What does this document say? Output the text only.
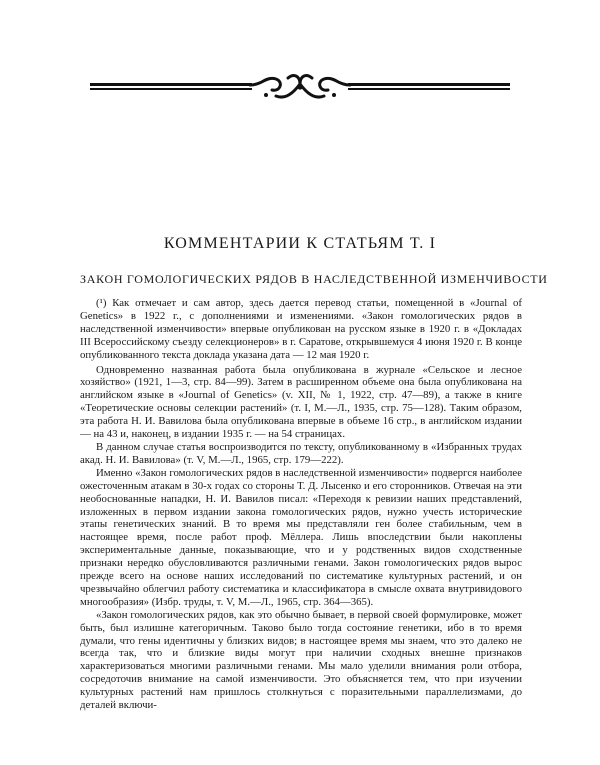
КОММЕНТАРИИ К СТАТЬЯМ Т. I
ЗАКОН ГОМОЛОГИЧЕСКИХ РЯДОВ В НАСЛЕДСТВЕННОЙ ИЗМЕНЧИВОСТИ

(¹) Как отмечает и сам автор, здесь дается перевод статьи, помещенной в «Journal of Genetics» в 1922 г., с дополнениями и изменениями. «Закон гомологических рядов в наследственной изменчивости» впервые опубликован на русском языке в 1920 г. в «Докладах III Всероссийскому съезду селекционеров» в г. Саратове, открывшемуся 4 июня 1920 г. В конце опубликованного текста доклада указана дата — 12 мая 1920 г.

Одновременно названная работа была опубликована в журнале «Сельское и лесное хозяйство» (1921, 1—3, стр. 84—99). Затем в расширенном объеме она была опубликована на английском языке в «Journal of Genetics» (v. XII, № 1, 1922, стр. 47—89), а также в книге «Теоретические основы селекции растений» (т. I, М.—Л., 1935, стр. 75—128). Таким образом, эта работа Н. И. Вавилова была опубликована впервые в объеме 16 стр., в английском издании — на 43 и, наконец, в издании 1935 г. — на 54 страницах.

В данном случае статья воспроизводится по тексту, опубликованному в «Избранных трудах акад. Н. И. Вавилова» (т. V, М.—Л., 1965, стр. 179—222).

Именно «Закон гомологических рядов в наследственной изменчивости» подвергся наиболее ожесточенным атакам в 30-х годах со стороны Т. Д. Лысенко и его сторонников. Отвечая на эти необоснованные нападки, Н. И. Вавилов писал: «Переходя к ревизии наших представлений, изложенных в первом издании закона гомологических рядов, нужно учесть исторические этапы генетических знаний. В то время мы представляли ген более стабильным, чем в настоящее время, после работ проф. Мёллера. Лишь впоследствии были накоплены экспериментальные данные, показывающие, что и у родственных видов сходственные признаки нередко обусловливаются различными генами. Закон гомологических рядов вырос прежде всего на основе наших исследований по систематике культурных растений, и он чрезвычайно облегчил работу систематика и классификатора в смысле охвата внутривидового многообразия» (Избр. труды, т. V, М.—Л., 1965, стр. 364—365).

«Закон гомологических рядов, как это обычно бывает, в первой своей формулировке, может быть, был излишне категоричным. Таково было тогда состояние генетики, ибо в то время думали, что гены идентичны у близких видов; в настоящее время мы знаем, что это далеко не всегда так, что и близкие виды могут при наличии сходных внешне признаков характеризоваться многими различными генами. Мы мало уделили внимания роли отбора, сосредоточив внимание на самой изменчивости. Это объясняется тем, что при изучении культурных растений нам пришлось столкнуться с поразительными параллелизмами, до деталей включи-
